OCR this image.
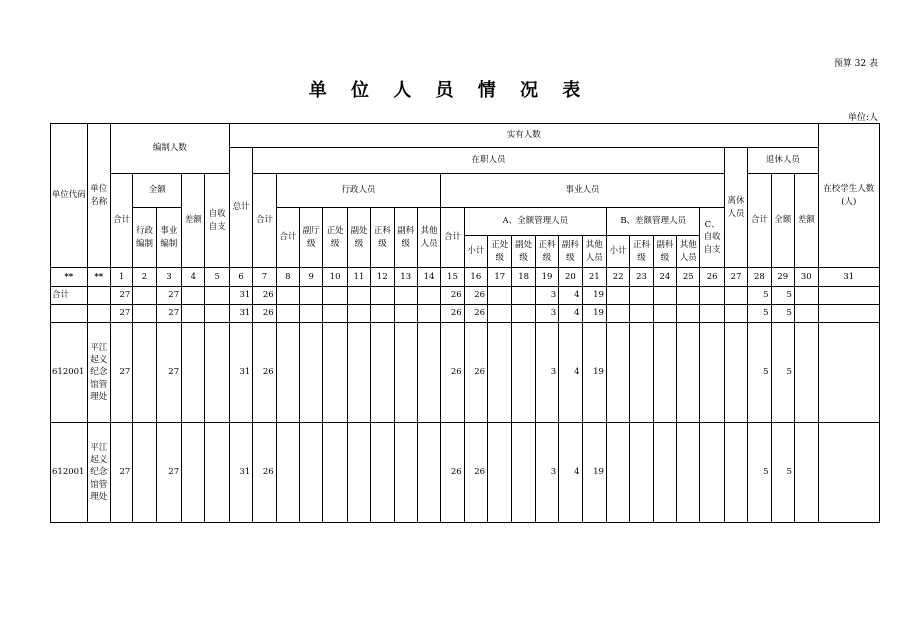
预算 32 表
单 位 人 员 情 况 表
单位:人
单位代码	单位名称	编制人数					实有人数																									在校学生人数(人)
							总计	在职人员																				离休人员	退休人员			
		合计	全额		差额	自收自支		合计	行政人员							事业人员													合计	全额	差额	
			行政编制	事业编制					合计	副厅级	正处级	副处级	正科级	副科级	其他人员	合计	A、全额管理人员						B、差额管理人员				C、自收自支					
																	小计	正处级	副处级	正科级	副科级	其他人员	小计	正科级	副科级	其他人员						

**	**	1	2	3	4	5	6	7	8	9	10	11	12	13	14	15	16	17	18	19	20	21	22	23	24	25	26	27	28	29	30	31
合计		27		27			31	26								26	26			3	4	19							5	5		
		27		27			31	26								26	26			3	4	19							5	5		
612001	平江起义纪念馆管理处	27		27			31	26								26	26			3	4	19							5	5		
612001	平江起义纪念馆管理处	27		27			31	26								26	26			3	4	19							5	5		
